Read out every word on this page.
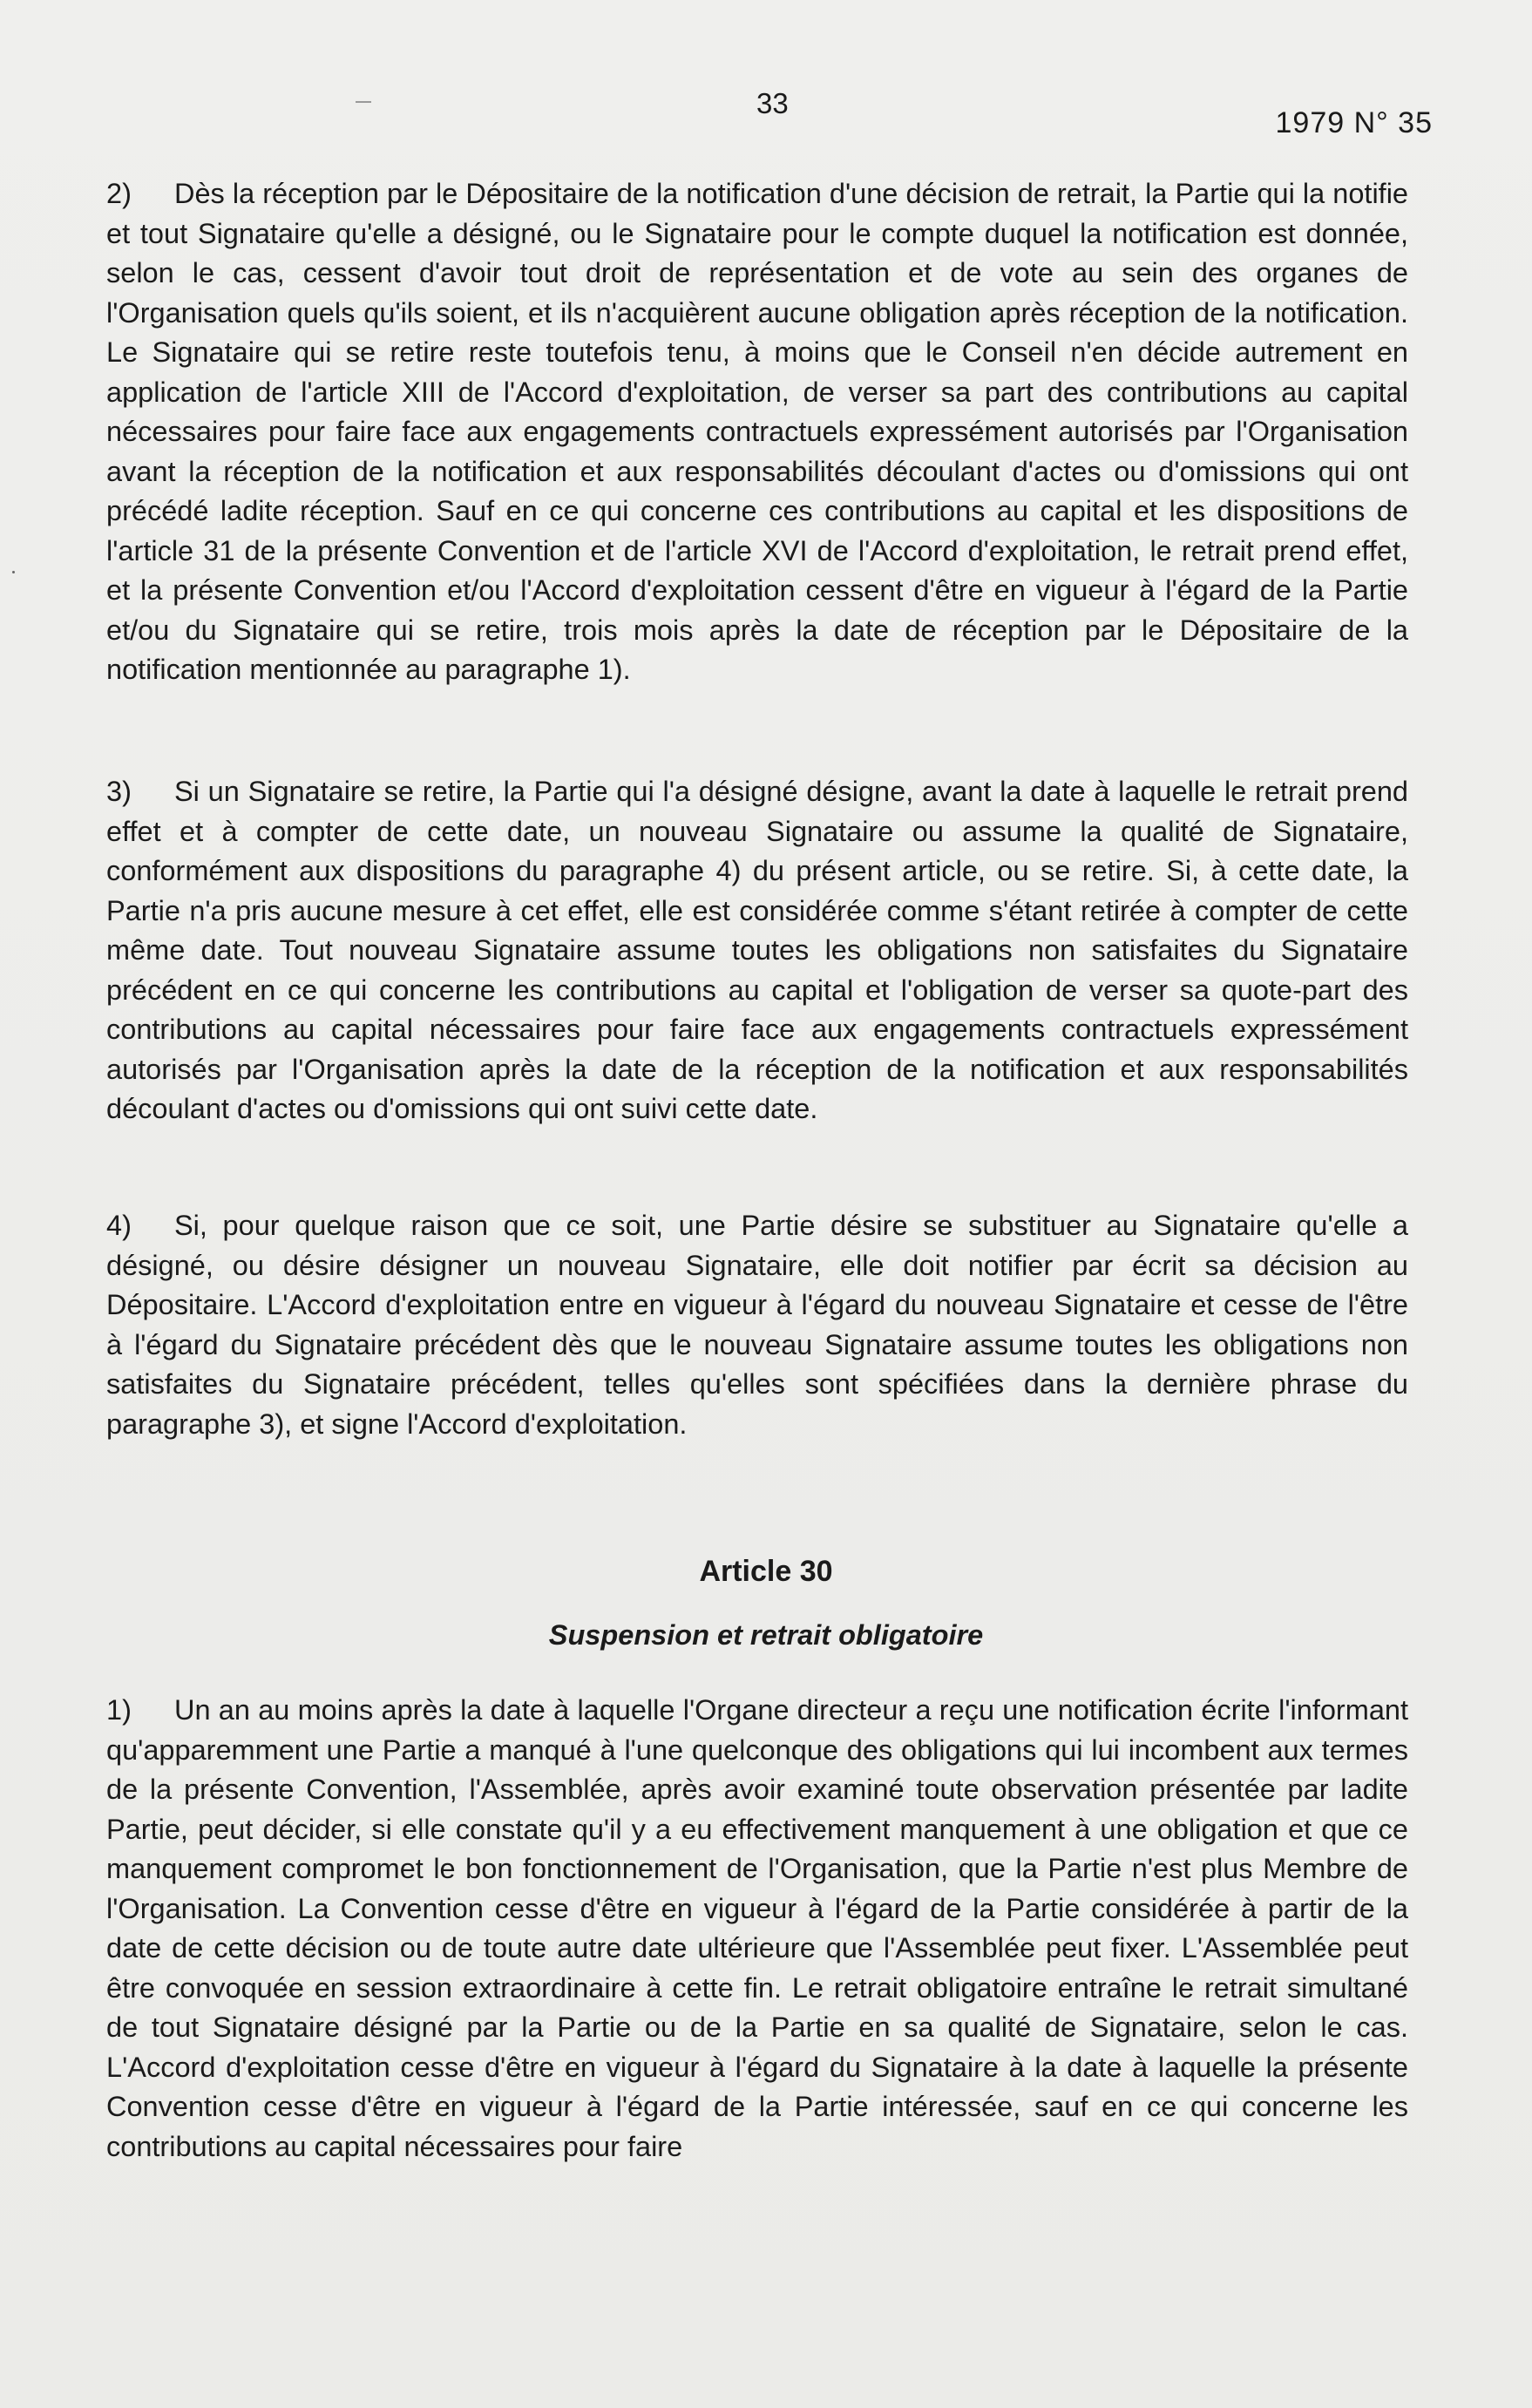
33
1979 N° 35

2) Dès la réception par le Dépositaire de la notification d'une décision de retrait, la Partie qui la notifie et tout Signataire qu'elle a désigné, ou le Signataire pour le compte duquel la notification est donnée, selon le cas, cessent d'avoir tout droit de représentation et de vote au sein des organes de l'Organisation quels qu'ils soient, et ils n'acquièrent aucune obligation après réception de la notification. Le Signataire qui se retire reste toutefois tenu, à moins que le Conseil n'en décide autrement en application de l'article XIII de l'Accord d'exploitation, de verser sa part des contributions au capital nécessaires pour faire face aux engagements contractuels expressément autorisés par l'Organisation avant la réception de la notification et aux responsabilités découlant d'actes ou d'omissions qui ont précédé ladite réception. Sauf en ce qui concerne ces contributions au capital et les dispositions de l'article 31 de la présente Convention et de l'article XVI de l'Accord d'exploitation, le retrait prend effet, et la présente Convention et/ou l'Accord d'exploitation cessent d'être en vigueur à l'égard de la Partie et/ou du Signataire qui se retire, trois mois après la date de réception par le Dépositaire de la notification mentionnée au paragraphe 1).

3) Si un Signataire se retire, la Partie qui l'a désigné désigne, avant la date à laquelle le retrait prend effet et à compter de cette date, un nouveau Signataire ou assume la qualité de Signataire, conformément aux dispositions du paragraphe 4) du présent article, ou se retire. Si, à cette date, la Partie n'a pris aucune mesure à cet effet, elle est considérée comme s'étant retirée à compter de cette même date. Tout nouveau Signataire assume toutes les obligations non satisfaites du Signataire précédent en ce qui concerne les contributions au capital et l'obligation de verser sa quote-part des contributions au capital nécessaires pour faire face aux engagements contractuels expressément autorisés par l'Organisation après la date de la réception de la notification et aux responsabilités découlant d'actes ou d'omissions qui ont suivi cette date.

4) Si, pour quelque raison que ce soit, une Partie désire se substituer au Signataire qu'elle a désigné, ou désire désigner un nouveau Signataire, elle doit notifier par écrit sa décision au Dépositaire. L'Accord d'exploitation entre en vigueur à l'égard du nouveau Signataire et cesse de l'être à l'égard du Signataire précédent dès que le nouveau Signataire assume toutes les obligations non satisfaites du Signataire précédent, telles qu'elles sont spécifiées dans la dernière phrase du paragraphe 3), et signe l'Accord d'exploitation.

Article 30
Suspension et retrait obligatoire

1) Un an au moins après la date à laquelle l'Organe directeur a reçu une notification écrite l'informant qu'apparemment une Partie a manqué à l'une quelconque des obligations qui lui incombent aux termes de la présente Convention, l'Assemblée, après avoir examiné toute observation présentée par ladite Partie, peut décider, si elle constate qu'il y a eu effectivement manquement à une obligation et que ce manquement compromet le bon fonctionnement de l'Organisation, que la Partie n'est plus Membre de l'Organisation. La Convention cesse d'être en vigueur à l'égard de la Partie considérée à partir de la date de cette décision ou de toute autre date ultérieure que l'Assemblée peut fixer. L'Assemblée peut être convoquée en session extraordinaire à cette fin. Le retrait obligatoire entraîne le retrait simultané de tout Signataire désigné par la Partie ou de la Partie en sa qualité de Signataire, selon le cas. L'Accord d'exploitation cesse d'être en vigueur à l'égard du Signataire à la date à laquelle la présente Convention cesse d'être en vigueur à l'égard de la Partie intéressée, sauf en ce qui concerne les contributions au capital nécessaires pour faire
